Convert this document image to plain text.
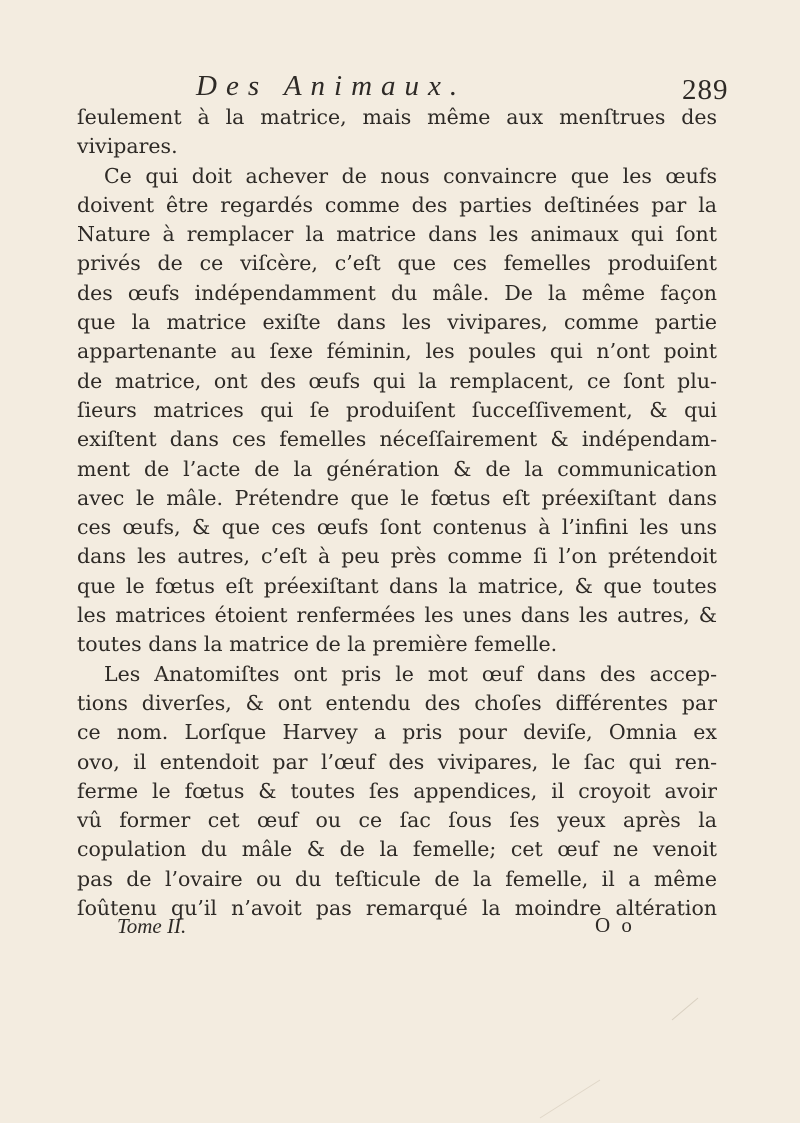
Des Animaux.	289
ſeulement à la matrice, mais même aux menſtrues des
vivipares.
Ce qui doit achever de nous convaincre que les œufs
doivent être regardés comme des parties deſtinées par la
Nature à remplacer la matrice dans les animaux qui ſont
privés de ce viſcère, c’eſt que ces femelles produiſent
des œufs indépendamment du mâle. De la même façon
que la matrice exiſte dans les vivipares, comme partie
appartenante au ſexe féminin, les poules qui n’ont point
de matrice, ont des œufs qui la remplacent, ce ſont plu-
ſieurs matrices qui ſe produiſent ſucceſſivement, & qui
exiſtent dans ces femelles néceſſairement & indépendam-
ment de l’acte de la génération & de la communication
avec le mâle. Prétendre que le fœtus eſt préexiſtant dans
ces œufs, & que ces œufs ſont contenus à l’infini les uns
dans les autres, c’eſt à peu près comme ſi l’on prétendoit
que le fœtus eſt préexiſtant dans la matrice, & que toutes
les matrices étoient renfermées les unes dans les autres, &
toutes dans la matrice de la première femelle.
Les Anatomiſtes ont pris le mot œuf dans des accep-
tions diverſes, & ont entendu des choſes différentes par
ce nom. Lorſque Harvey a pris pour deviſe, Omnia ex
ovo, il entendoit par l’œuf des vivipares, le ſac qui ren-
ferme le fœtus & toutes ſes appendices, il croyoit avoir
vû former cet œuf ou ce ſac ſous ſes yeux après la
copulation du mâle & de la femelle; cet œuf ne venoit
pas de l’ovaire ou du teſticule de la femelle, il a même
ſoûtenu qu’il n’avoit pas remarqué la moindre altération
Tome II.	O o
